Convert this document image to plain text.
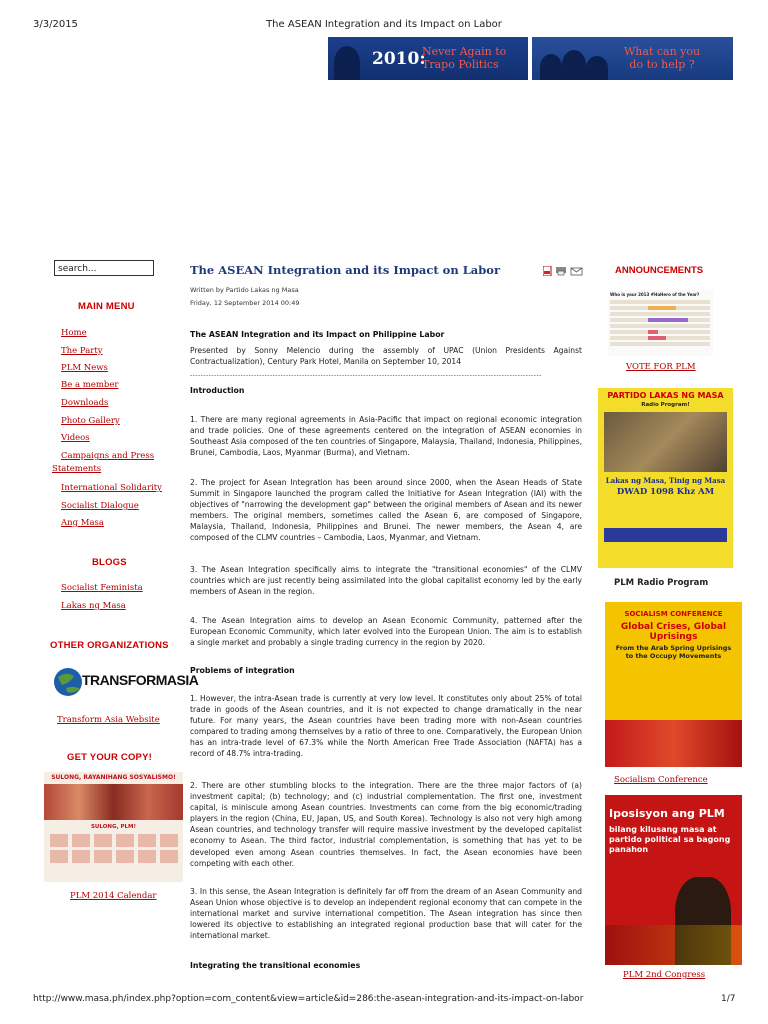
3/3/2015	The ASEAN Integration and its Impact on Labor
2010:
Never Again to
Trapo Politics
What can you
do to help ?
search...
MAIN MENU
Home
The Party
PLM News
Be a member
Downloads
Photo Gallery
Videos
Campaigns and Press
Statements
International Solidarity
Socialist Dialogue
Ang Masa
BLOGS
Socialist Feminista
Lakas ng Masa
OTHER ORGANIZATIONS
TRANSFORMASIA
Transform Asia Website
GET YOUR COPY!
SULONG, RAYANIHANG SOSYALISMO!
SULONG, PLM!
PLM 2014 Calendar
The ASEAN Integration and its Impact on Labor
Written by Partido Lakas ng Masa
Friday, 12 September 2014 00:49
The ASEAN Integration and its Impact on Philippine Labor
Presented by Sonny Melencio during the assembly of UPAC (Union Presidents Against Contractualization), Century Park Hotel, Manila on September 10, 2014
------------------------------------------------------------------------------------------------------------------------------------
Introduction
1. There are many regional agreements in Asia-Pacific that impact on regional economic integration and trade policies. One of these agreements centered on the integration of ASEAN economies in Southeast Asia composed of the ten countries of Singapore, Malaysia, Thailand, Indonesia, Philippines, Brunei, Cambodia, Laos, Myanmar (Burma), and Vietnam.
2. The project for Asean Integration has been around since 2000, when the Asean Heads of State Summit in Singapore launched the program called the Initiative for Asean Integration (IAI) with the objectives of "narrowing the development gap" between the original members of Asean and its newer members. The original members, sometimes called the Asean 6, are composed of Singapore, Malaysia, Thailand, Indonesia, Philippines and Brunei. The newer members, the Asean 4, are composed of the CLMV countries – Cambodia, Laos, Myanmar, and Vietnam.
3. The Asean Integration specifically aims to integrate the "transitional economies" of the CLMV countries which are just recently being assimilated into the global capitalist economy led by the early members of Asean in the region.
4. The Asean Integration aims to develop an Asean Economic Community, patterned after the European Economic Community, which later evolved into the European Union. The aim is to establish a single market and probably a single trading currency in the region by 2020.
Problems of integration
1. However, the intra-Asean trade is currently at very low level. It constitutes only about 25% of total trade in goods of the Asean countries, and it is not expected to change dramatically in the near future. For many years, the Asean countries have been trading more with non-Asean countries compared to trading among themselves by a ratio of three to one. Comparatively, the European Union has an intra-trade level of 67.3% while the North American Free Trade Association (NAFTA) has a record of 48.7% intra-trading.
2. There are other stumbling blocks to the integration. There are the three major factors of (a) investment capital; (b) technology; and (c) industrial complementation. The first one, investment capital, is miniscule among Asean countries. Investments can come from the big economic/trading players in the region (China, EU, Japan, US, and South Korea). Technology is also not very high among Asean countries, and technology transfer will require massive investment by the developed capitalist economy to Asean. The third factor, industrial complementation, is something that has yet to be developed even among Asean countries themselves. In fact, the Asean economies have been competing with each other.
3. In this sense, the Asean Integration is definitely far off from the dream of an Asean Community and Asean Union whose objective is to develop an independent regional economy that can compete in the international market and survive international competition. The Asean integration has since then lowered its objective to establishing an integrated regional production base that will cater for the international market.
Integrating the transitional economies
ANNOUNCEMENTS
Who is your 2013 #HaHero of the Year?
VOTE FOR PLM
PARTIDO LAKAS NG MASA
Radio Program!
Lakas ng Masa, Tinig ng Masa
DWAD 1098 Khz AM
PLM Radio Program
SOCIALISM CONFERENCE
Global Crises, Global Uprisings
From the Arab Spring Uprisings to the Occupy Movements
Socialism Conference
Iposisyon ang PLM
bilang kilusang masa at partido political sa bagong panahon
PLM 2nd Congress
http://www.masa.ph/index.php?option=com_content&view=article&id=286:the-asean-integration-and-its-impact-on-labor	1/7
